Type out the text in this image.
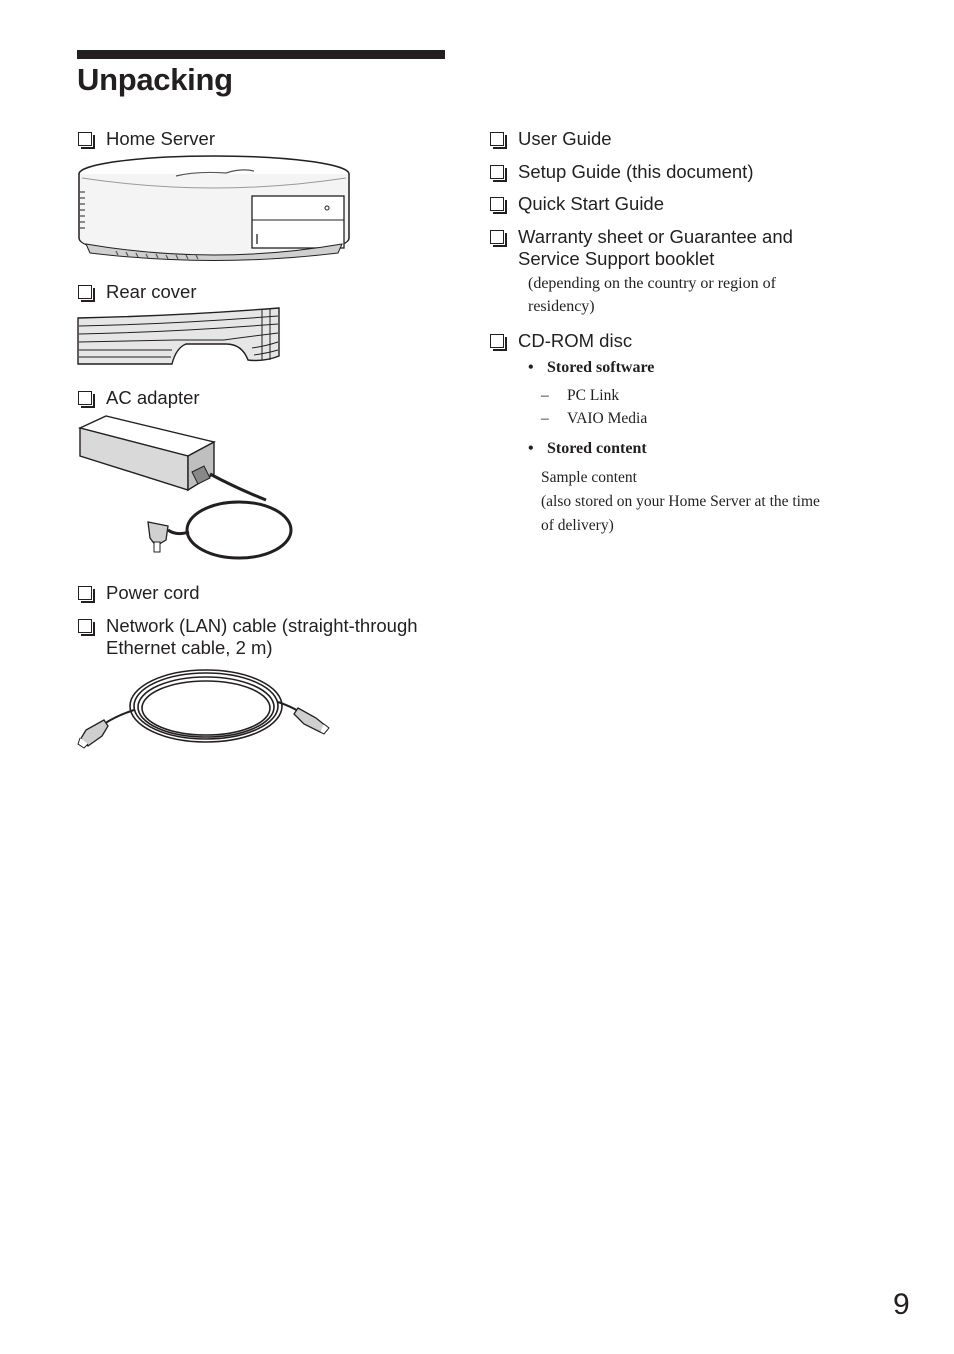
Unpacking
Home Server
Rear cover
AC adapter
Power cord
Network (LAN) cable (straight-through
Ethernet cable, 2 m)
User Guide
Setup Guide (this document)
Quick Start Guide
Warranty sheet or Guarantee and
Service Support booklet
(depending on the country or region of
residency)
CD-ROM disc
• Stored software
– PC Link
– VAIO Media
• Stored content
Sample content
(also stored on your Home Server at the time
of delivery)
9
